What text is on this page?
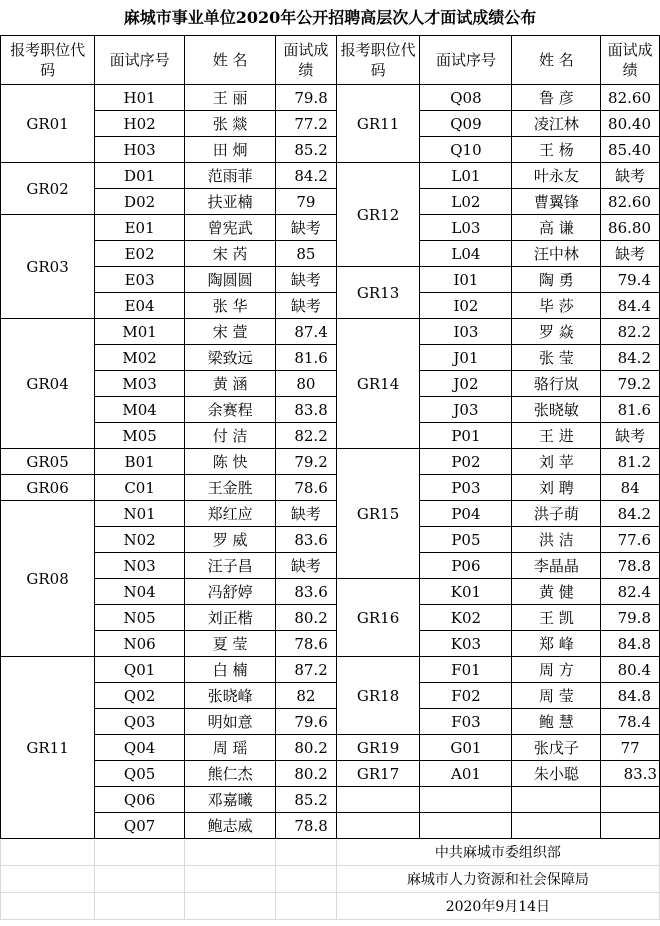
麻城市事业单位2020年公开招聘高层次人才面试成绩公布
报考职位代 码	面试序号	姓 名	面试成绩	报考职位代 码	面试序号	姓 名	面试成绩
GR01	H01	王 丽	79.8	GR11	Q08	鲁 彦	82.60
	H02	张 燚	77.2		Q09	凌江林	80.40
	H03	田 炯	85.2		Q10	王 杨	85.40
GR02	D01	范雨菲	84.2	GR12	L01	叶永友	缺考
	D02	扶亚楠	79		L02	曹翼锋	82.60
GR03	E01	曾宪武	缺考		L03	高 谦	86.80
	E02	宋 芮	85		L04	汪中林	缺考
	E03	陶圆圆	缺考	GR13	I01	陶 勇	79.4
	E04	张 华	缺考		I02	毕 莎	84.4
GR04	M01	宋 萱	87.4	GR14	I03	罗 焱	82.2
	M02	梁致远	81.6		J01	张 莹	84.2
	M03	黄 涵	80		J02	骆行岚	79.2
	M04	余赛程	83.8		J03	张晓敏	81.6
	M05	付 洁	82.2		P01	王 进	缺考
GR05	B01	陈 快	79.2	GR15	P02	刘 苹	81.2
GR06	C01	王金胜	78.6		P03	刘 聘	84
GR08	N01	郑红应	缺考		P04	洪子萌	84.2
	N02	罗 威	83.6		P05	洪 洁	77.6
	N03	汪子昌	缺考		P06	李晶晶	78.8
	N04	冯舒婷	83.6	GR16	K01	黄 健	82.4
	N05	刘正楷	80.2		K02	王 凯	79.8
	N06	夏 莹	78.6		K03	郑 峰	84.8
GR11	Q01	白 楠	87.2	GR18	F01	周 方	80.4
	Q02	张晓峰	82		F02	周 莹	84.8
	Q03	明如意	79.6		F03	鲍 慧	78.4
	Q04	周 瑶	80.2	GR19	G01	张戊子	77
	Q05	熊仁杰	80.2	GR17	A01	朱小聪	83.3
	Q06	邓嘉曦	85.2				
	Q07	鲍志威	78.8				
				中共麻城市委组织部			
				麻城市人力资源和社会保障局			
				2020年9月14日			
